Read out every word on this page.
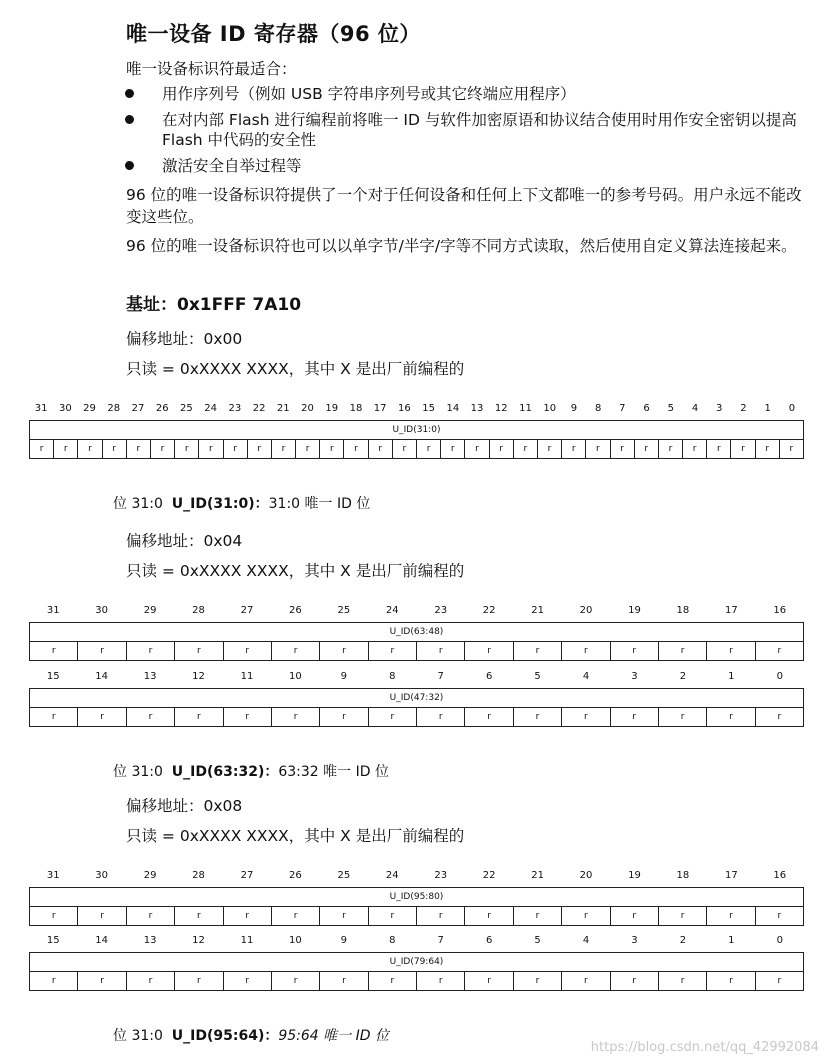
唯一设备 ID 寄存器（96 位）
唯一设备标识符最适合：
用作序列号（例如 USB 字符串序列号或其它终端应用程序）
在对内部 Flash 进行编程前将唯一 ID 与软件加密原语和协议结合使用时用作安全密钥以提高 Flash 中代码的安全性
激活安全自举过程等
96 位的唯一设备标识符提供了一个对于任何设备和任何上下文都唯一的参考号码。用户永远不能改变这些位。
96 位的唯一设备标识符也可以以单字节/半字/字等不同方式读取，然后使用自定义算法连接起来。
基址：0x1FFF 7A10
偏移地址：0x00
只读 = 0xXXXX XXXX，其中 X 是出厂前编程的
31	30	29	28	27	26	25	24	23	22	21	20	19	18	17	16	15	14	13	12	11	10	9	8	7	6	5	4	3	2	1	0
U_ID(31:0)
r	r	r	r	r	r	r	r	r	r	r	r	r	r	r	r	r	r	r	r	r	r	r	r	r	r	r	r	r	r	r	r
位 31:0 U_ID(31:0)：31:0 唯一 ID 位
偏移地址：0x04
只读 = 0xXXXX XXXX，其中 X 是出厂前编程的
31	30	29	28	27	26	25	24	23	22	21	20	19	18	17	16
U_ID(63:48)
r	r	r	r	r	r	r	r	r	r	r	r	r	r	r	r
15	14	13	12	11	10	9	8	7	6	5	4	3	2	1	0
U_ID(47:32)
r	r	r	r	r	r	r	r	r	r	r	r	r	r	r	r
位 31:0 U_ID(63:32)：63:32 唯一 ID 位
偏移地址：0x08
只读 = 0xXXXX XXXX，其中 X 是出厂前编程的
31	30	29	28	27	26	25	24	23	22	21	20	19	18	17	16
U_ID(95:80)
r	r	r	r	r	r	r	r	r	r	r	r	r	r	r	r
15	14	13	12	11	10	9	8	7	6	5	4	3	2	1	0
U_ID(79:64)
r	r	r	r	r	r	r	r	r	r	r	r	r	r	r	r
位 31:0 U_ID(95:64)：95:64 唯一 ID 位
https://blog.csdn.net/qq_42992084
